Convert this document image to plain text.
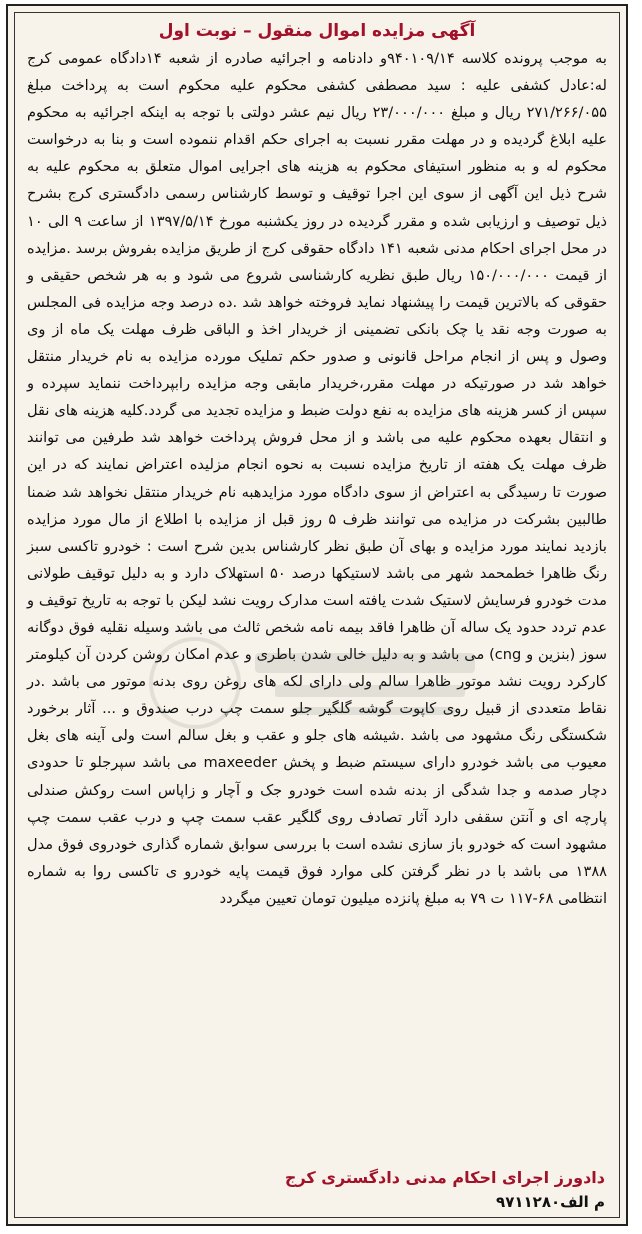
آگهی مزایده اموال منقول – نوبت اول

به موجب پرونده کلاسه ۹۴۰۱۰۹/۱۴و دادنامه و اجرائیه صادره از شعبه ۱۴دادگاه عمومی کرج له:عادل کشفی علیه : سید مصطفی کشفی محکوم علیه محکوم است به پرداخت مبلغ ۲۷۱/۲۶۶/۰۵۵ ریال و مبلغ ۲۳/۰۰۰/۰۰۰ ریال نیم عشر دولتی با توجه به اینکه اجرائیه به محکوم علیه ابلاغ گردیده و در مهلت مقرر نسبت به اجرای حکم اقدام ننموده است و بنا به درخواست محکوم له و به منظور استیفای محکوم به هزینه های اجرایی اموال متعلق به محکوم علیه به شرح ذیل این آگهی از سوی این اجرا توقیف و توسط کارشناس رسمی دادگستری کرج بشرح ذیل توصیف و ارزیابی شده و مقرر گردیده در روز یکشنبه مورخ ۱۳۹۷/۵/۱۴ از ساعت ۹ الی ۱۰ در محل اجرای احکام مدنی شعبه ۱۴۱ دادگاه حقوقی کرج از طریق مزایده بفروش برسد .مزایده از قیمت ۱۵۰/۰۰۰/۰۰۰ ریال طبق نظریه کارشناسی شروع می شود و به هر شخص حقیقی و حقوقی که بالاترین قیمت را پیشنهاد نماید فروخته خواهد شد .ده درصد وجه مزایده فی المجلس به صورت وجه نقد یا چک بانکی تضمینی از خریدار اخذ و الباقی ظرف مهلت یک ماه از وی وصول و پس از انجام مراحل قانونی و صدور حکم تملیک مورده مزایده به نام خریدار منتقل خواهد شد در صورتیکه در مهلت مقرر،خریدار مابقی وجه مزایده رابپرداخت ننماید سپرده و سپس از کسر هزینه های مزایده به نفع دولت ضبط و مزایده تجدید می گردد.کلیه هزینه های نقل و انتقال بعهده محکوم علیه می باشد و از محل فروش پرداخت خواهد شد طرفین می توانند ظرف مهلت یک هفته از تاریخ مزایده نسبت به نحوه انجام مزلیده اعتراض نمایند که در این صورت تا رسیدگی به اعتراض از سوی دادگاه مورد مزایدهبه نام خریدار منتقل نخواهد شد ضمنا طالبین بشرکت در مزایده می توانند ظرف ۵ روز قبل از مزایده با اطلاع از مال مورد مزایده بازدید نمایند مورد مزایده و بهای آن طبق نظر کارشناس بدین شرح است : خودرو تاکسی سبز رنگ ظاهرا خطمحمد شهر می باشد لاستیکها درصد ۵۰ استهلاک دارد و به دلیل توقیف طولانی مدت خودرو فرسایش لاستیک شدت یافته است مدارک رویت نشد لیکن با توجه به تاریخ توقیف و عدم تردد حدود یک ساله آن ظاهرا فاقد بیمه نامه شخص ثالث می باشد وسیله نقلیه فوق دوگانه سوز (بنزین و cng) می باشد و به دلیل خالی شدن باطری و عدم امکان روشن کردن آن کیلومتر کارکرد رویت نشد موتور ظاهرا سالم ولی دارای لکه های روغن روی بدنه موتور می باشد .در نقاط متعددی از قبیل روی کاپوت گوشه گلگیر جلو سمت چپ درب صندوق و ... آثار برخورد شکستگی رنگ مشهود می باشد .شیشه های جلو و عقب و بغل سالم است ولی آینه های بغل معیوب می باشد خودرو دارای سیستم ضبط و پخش maxeeder می باشد سپرجلو تا حدودی دچار صدمه و جدا شدگی از بدنه شده است خودرو جک و آچار و زاپاس است روکش صندلی پارچه ای و آنتن سقفی دارد آثار تصادف روی گلگیر عقب سمت چپ و درب عقب سمت چپ مشهود است که خودرو باز سازی نشده است با بررسی سوابق شماره گذاری خودروی فوق مدل ۱۳۸۸ می باشد با در نظر گرفتن کلی موارد فوق قیمت پایه خودرو ی تاکسی روا به شماره انتظامی ۶۸-۱۱۷ ت ۷۹ به مبلغ پانزده میلیون تومان تعیین میگردد

دادورز اجرای احکام مدنی دادگستری کرج

م الف۹۷۱۱۲۸۰
